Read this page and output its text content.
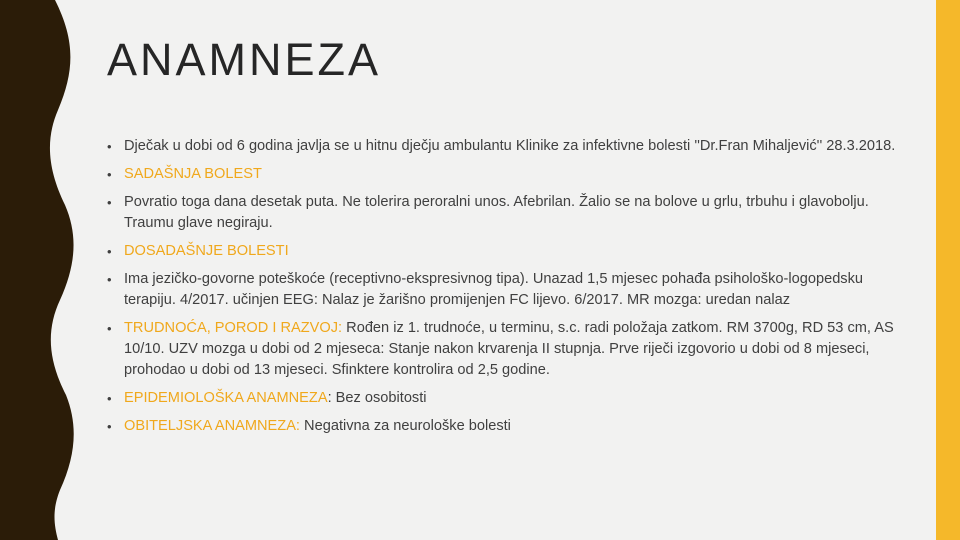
ANAMNEZA
• Dječak u dobi od 6 godina javlja se u hitnu dječju ambulantu Klinike za infektivne bolesti ''Dr.Fran Mihaljević'' 28.3.2018.
• SADAŠNJA BOLEST
• Povratio toga dana desetak puta. Ne tolerira peroralni unos. Afebrilan. Žalio se na bolove u grlu, trbuhu i glavobolju. Traumu glave negiraju.
• DOSADAŠNJE BOLESTI
• Ima jezičko-govorne poteškoće (receptivno-ekspresivnog tipa). Unazad 1,5 mjesec pohađa psihološko-logopedsku terapiju. 4/2017. učinjen EEG: Nalaz je žarišno promijenjen FC lijevo. 6/2017. MR mozga: uredan nalaz
• TRUDNOĆA, POROD I RAZVOJ: Rođen iz 1. trudnoće, u terminu, s.c. radi položaja zatkom. RM 3700g, RD 53 cm, AS 10/10. UZV mozga u dobi od 2 mjeseca: Stanje nakon krvarenja II stupnja. Prve riječi izgovorio u dobi od 8 mjeseci, prohodao u dobi od 13 mjeseci. Sfinktere kontrolira od 2,5 godine.
• EPIDEMIOLOŠKA ANAMNEZA: Bez osobitosti
• OBITELJSKA ANAMNEZA: Negativna za neurološke bolesti
